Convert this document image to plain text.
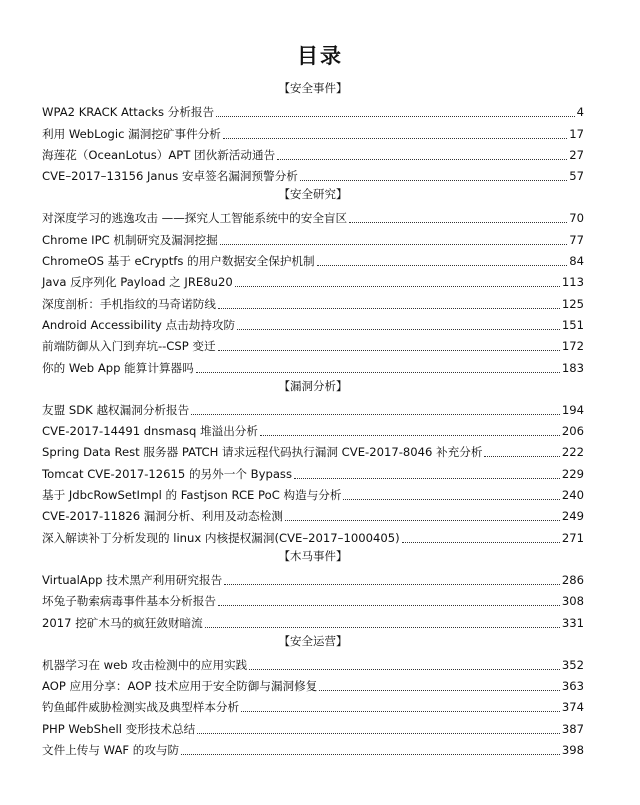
目录
【安全事件】
WPA2 KRACK Attacks 分析报告	4
利用 WebLogic 漏洞挖矿事件分析	17
海莲花（OceanLotus）APT 团伙新活动通告	27
CVE–2017–13156 Janus 安卓签名漏洞预警分析	57
【安全研究】
对深度学习的逃逸攻击 ——探究人工智能系统中的安全盲区	70
Chrome IPC 机制研究及漏洞挖掘	77
ChromeOS 基于 eCryptfs 的用户数据安全保护机制	84
Java 反序列化 Payload 之 JRE8u20	113
深度剖析：手机指纹的马奇诺防线	125
Android Accessibility 点击劫持攻防	151
前端防御从入门到弃坑--CSP 变迁	172
你的 Web App 能算计算器吗	183
【漏洞分析】
友盟 SDK 越权漏洞分析报告	194
CVE-2017-14491 dnsmasq 堆溢出分析	206
Spring Data Rest 服务器 PATCH 请求远程代码执行漏洞 CVE-2017-8046 补充分析	222
Tomcat CVE-2017-12615 的另外一个 Bypass	229
基于 JdbcRowSetImpl 的 Fastjson RCE PoC 构造与分析	240
CVE-2017-11826 漏洞分析、利用及动态检测	249
深入解读补丁分析发现的 linux 内核提权漏洞(CVE–2017–1000405)	271
【木马事件】
VirtualApp 技术黑产利用研究报告	286
坏兔子勒索病毒事件基本分析报告	308
2017 挖矿木马的疯狂敛财暗流	331
【安全运营】
机器学习在 web 攻击检测中的应用实践	352
AOP 应用分享：AOP 技术应用于安全防御与漏洞修复	363
钓鱼邮件威胁检测实战及典型样本分析	374
PHP WebShell 变形技术总结	387
文件上传与 WAF 的攻与防	398
